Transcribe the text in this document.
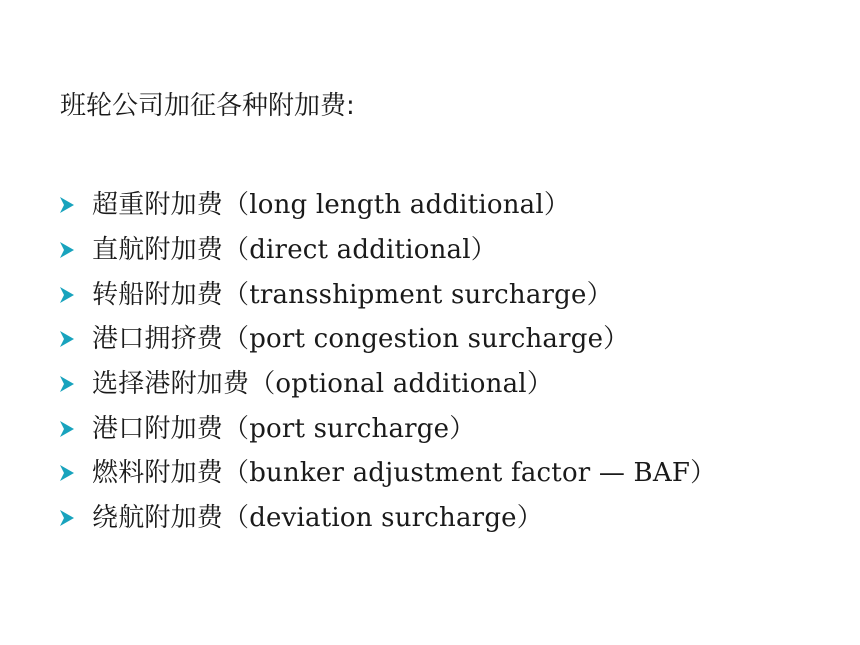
班轮公司加征各种附加费:
超重附加费（long length additional）
直航附加费（direct additional）
转船附加费（transshipment surcharge）
港口拥挤费（port congestion surcharge）
选择港附加费（optional additional）
港口附加费（port surcharge）
燃料附加费（bunker adjustment factor — BAF）
绕航附加费（deviation surcharge）
